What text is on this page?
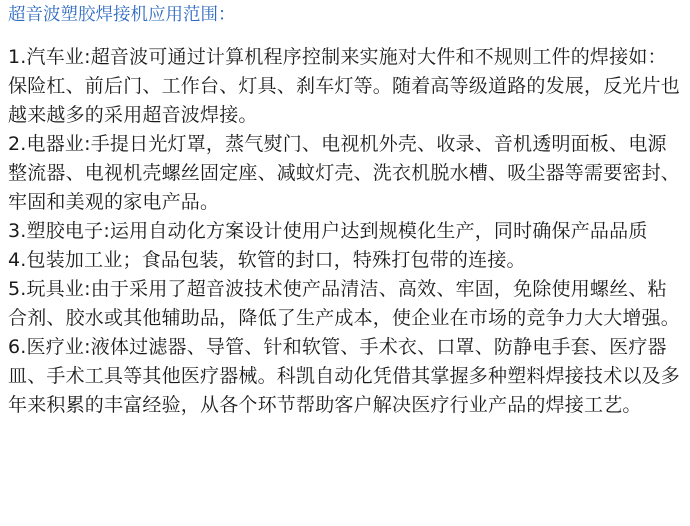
超音波塑胶焊接机应用范围：

1.汽车业:超音波可通过计算机程序控制来实施对大件和不规则工件的焊接如：保险杠、前后门、工作台、灯具、刹车灯等。随着高等级道路的发展，反光片也越来越多的采用超音波焊接。

2.电器业:手提日光灯罩，蒸气熨门、电视机外壳、收录、音机透明面板、电源整流器、电视机壳螺丝固定座、减蚊灯壳、洗衣机脱水槽、吸尘器等需要密封、牢固和美观的家电产品。

3.塑胶电子:运用自动化方案设计使用户达到规模化生产，同时确保产品品质

4.包装加工业；食品包装，软管的封口，特殊打包带的连接。

5.玩具业:由于采用了超音波技术使产品清洁、高效、牢固，免除使用螺丝、粘合剂、胶水或其他辅助品，降低了生产成本，使企业在市场的竞争力大大增强。

6.医疗业:液体过滤器、导管、针和软管、手术衣、口罩、防静电手套、医疗器皿、手术工具等其他医疗器械。科凯自动化凭借其掌握多种塑料焊接技术以及多年来积累的丰富经验，从各个环节帮助客户解决医疗行业产品的焊接工艺。
